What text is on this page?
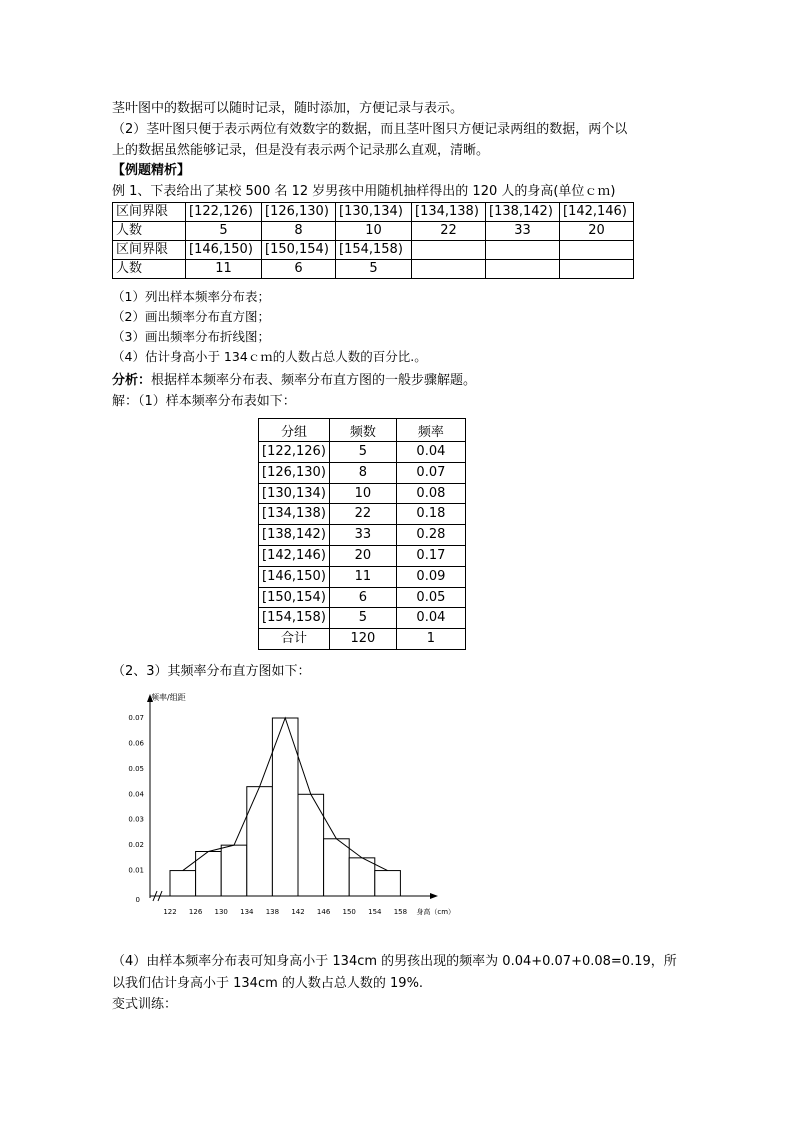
茎叶图中的数据可以随时记录，随时添加，方便记录与表示。
（2）茎叶图只便于表示两位有效数字的数据，而且茎叶图只方便记录两组的数据，两个以
上的数据虽然能够记录，但是没有表示两个记录那么直观，清晰。
【例题精析】
例 1、下表给出了某校 500 名 12 岁男孩中用随机抽样得出的 120 人的身高(单位ｃｍ)
区间界限	[122,126)	[126,130)	[130,134)	[134,138)	[138,142)	[142,146)
人数	5	8	10	22	33	20
区间界限	[146,150)	[150,154)	[154,158)			
人数	11	6	5			
（1）列出样本频率分布表；
（2）画出频率分布直方图；
（3）画出频率分布折线图；
（4）估计身高小于 134ｃｍ的人数占总人数的百分比.。
分析：根据样本频率分布表、频率分布直方图的一般步骤解题。
解：（1）样本频率分布表如下：
分组	频数	频率
[122,126)	5	0.04
[126,130)	8	0.07
[130,134)	10	0.08
[134,138)	22	0.18
[138,142)	33	0.28
[142,146)	20	0.17
[146,150)	11	0.09
[150,154)	6	0.05
[154,158)	5	0.04
合计	120	1
（2、3）其频率分布直方图如下：
0.01
0.02
0.03
0.04
0.05
0.06
0.07
0
频率/组距
122 126 130 134 138 142 146 150 154 158 身高（cm）
（4）由样本频率分布表可知身高小于 134cm 的男孩出现的频率为 0.04+0.07+0.08=0.19，所
以我们估计身高小于 134cm 的人数占总人数的 19%.
变式训练：
